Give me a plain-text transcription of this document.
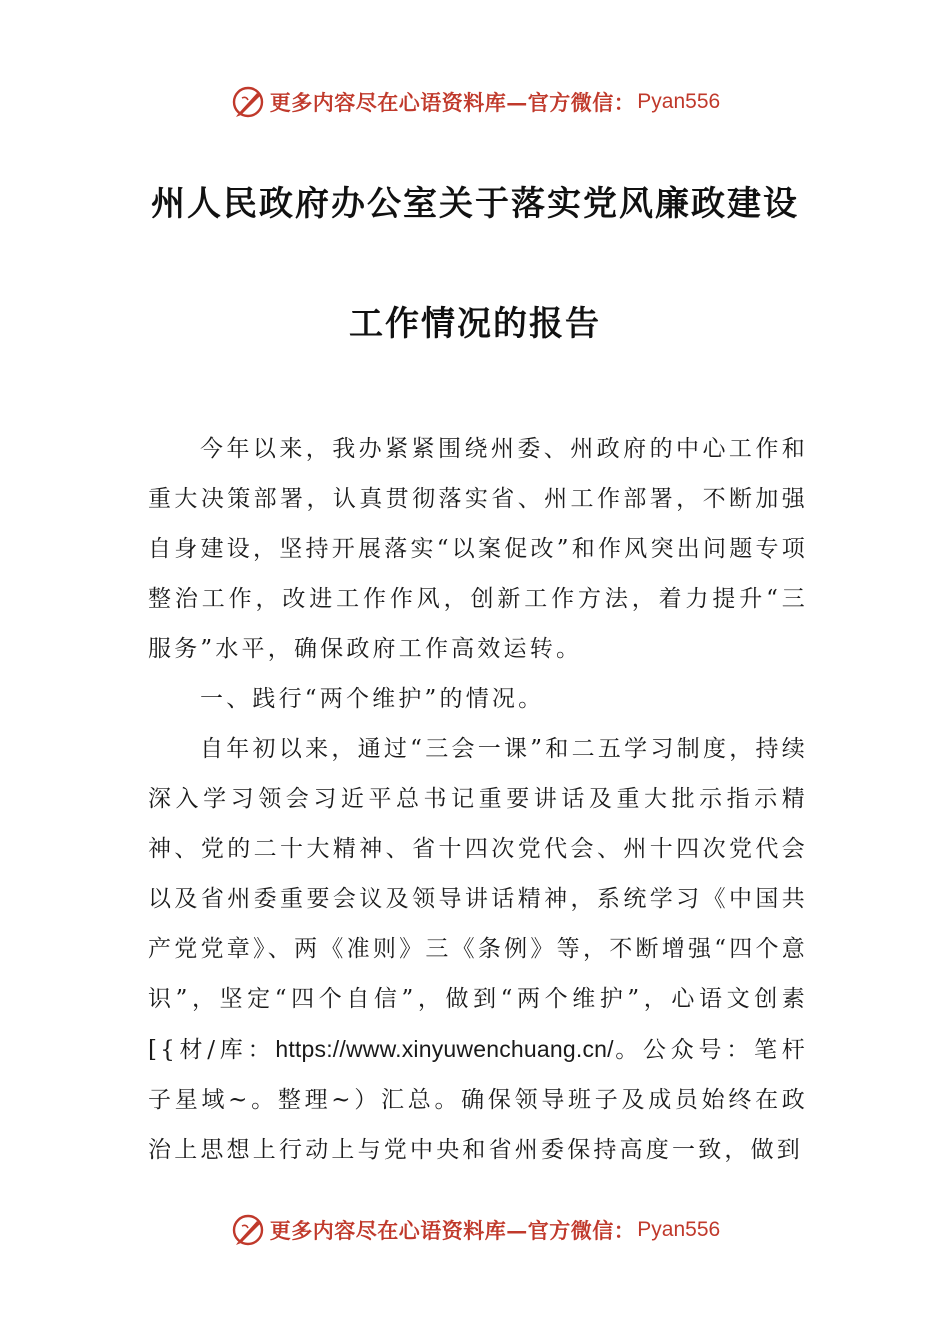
更多内容尽在心语资料库—官方微信： Pyan556
州人民政府办公室关于落实党风廉政建设
工作情况的报告

今年以来，我办紧紧围绕州委、州政府的中心工作和重大决策部署，认真贯彻落实省、州工作部署，不断加强自身建设，坚持开展落实“以案促改”和作风突出问题专项整治工作，改进工作作风，创新工作方法，着力提升“三服务”水平，确保政府工作高效运转。

一、践行“两个维护”的情况。

自年初以来，通过“三会一课”和二五学习制度，持续深入学习领会习近平总书记重要讲话及重大批示指示精神、党的二十大精神、省十四次党代会、州十四次党代会以及省州委重要会议及领导讲话精神，系统学习《中国共产党党章》、两《准则》三《条例》等，不断增强“四个意识”，坚定“四个自信”，做到“两个维护”，心语文创素[{材/库：https://www.xinyuwenchuang.cn/。公众号：笔杆子星域~。整理~）汇总。确保领导班子及成员始终在政治上思想上行动上与党中央和省州委保持高度一致，做到

更多内容尽在心语资料库—官方微信： Pyan556
